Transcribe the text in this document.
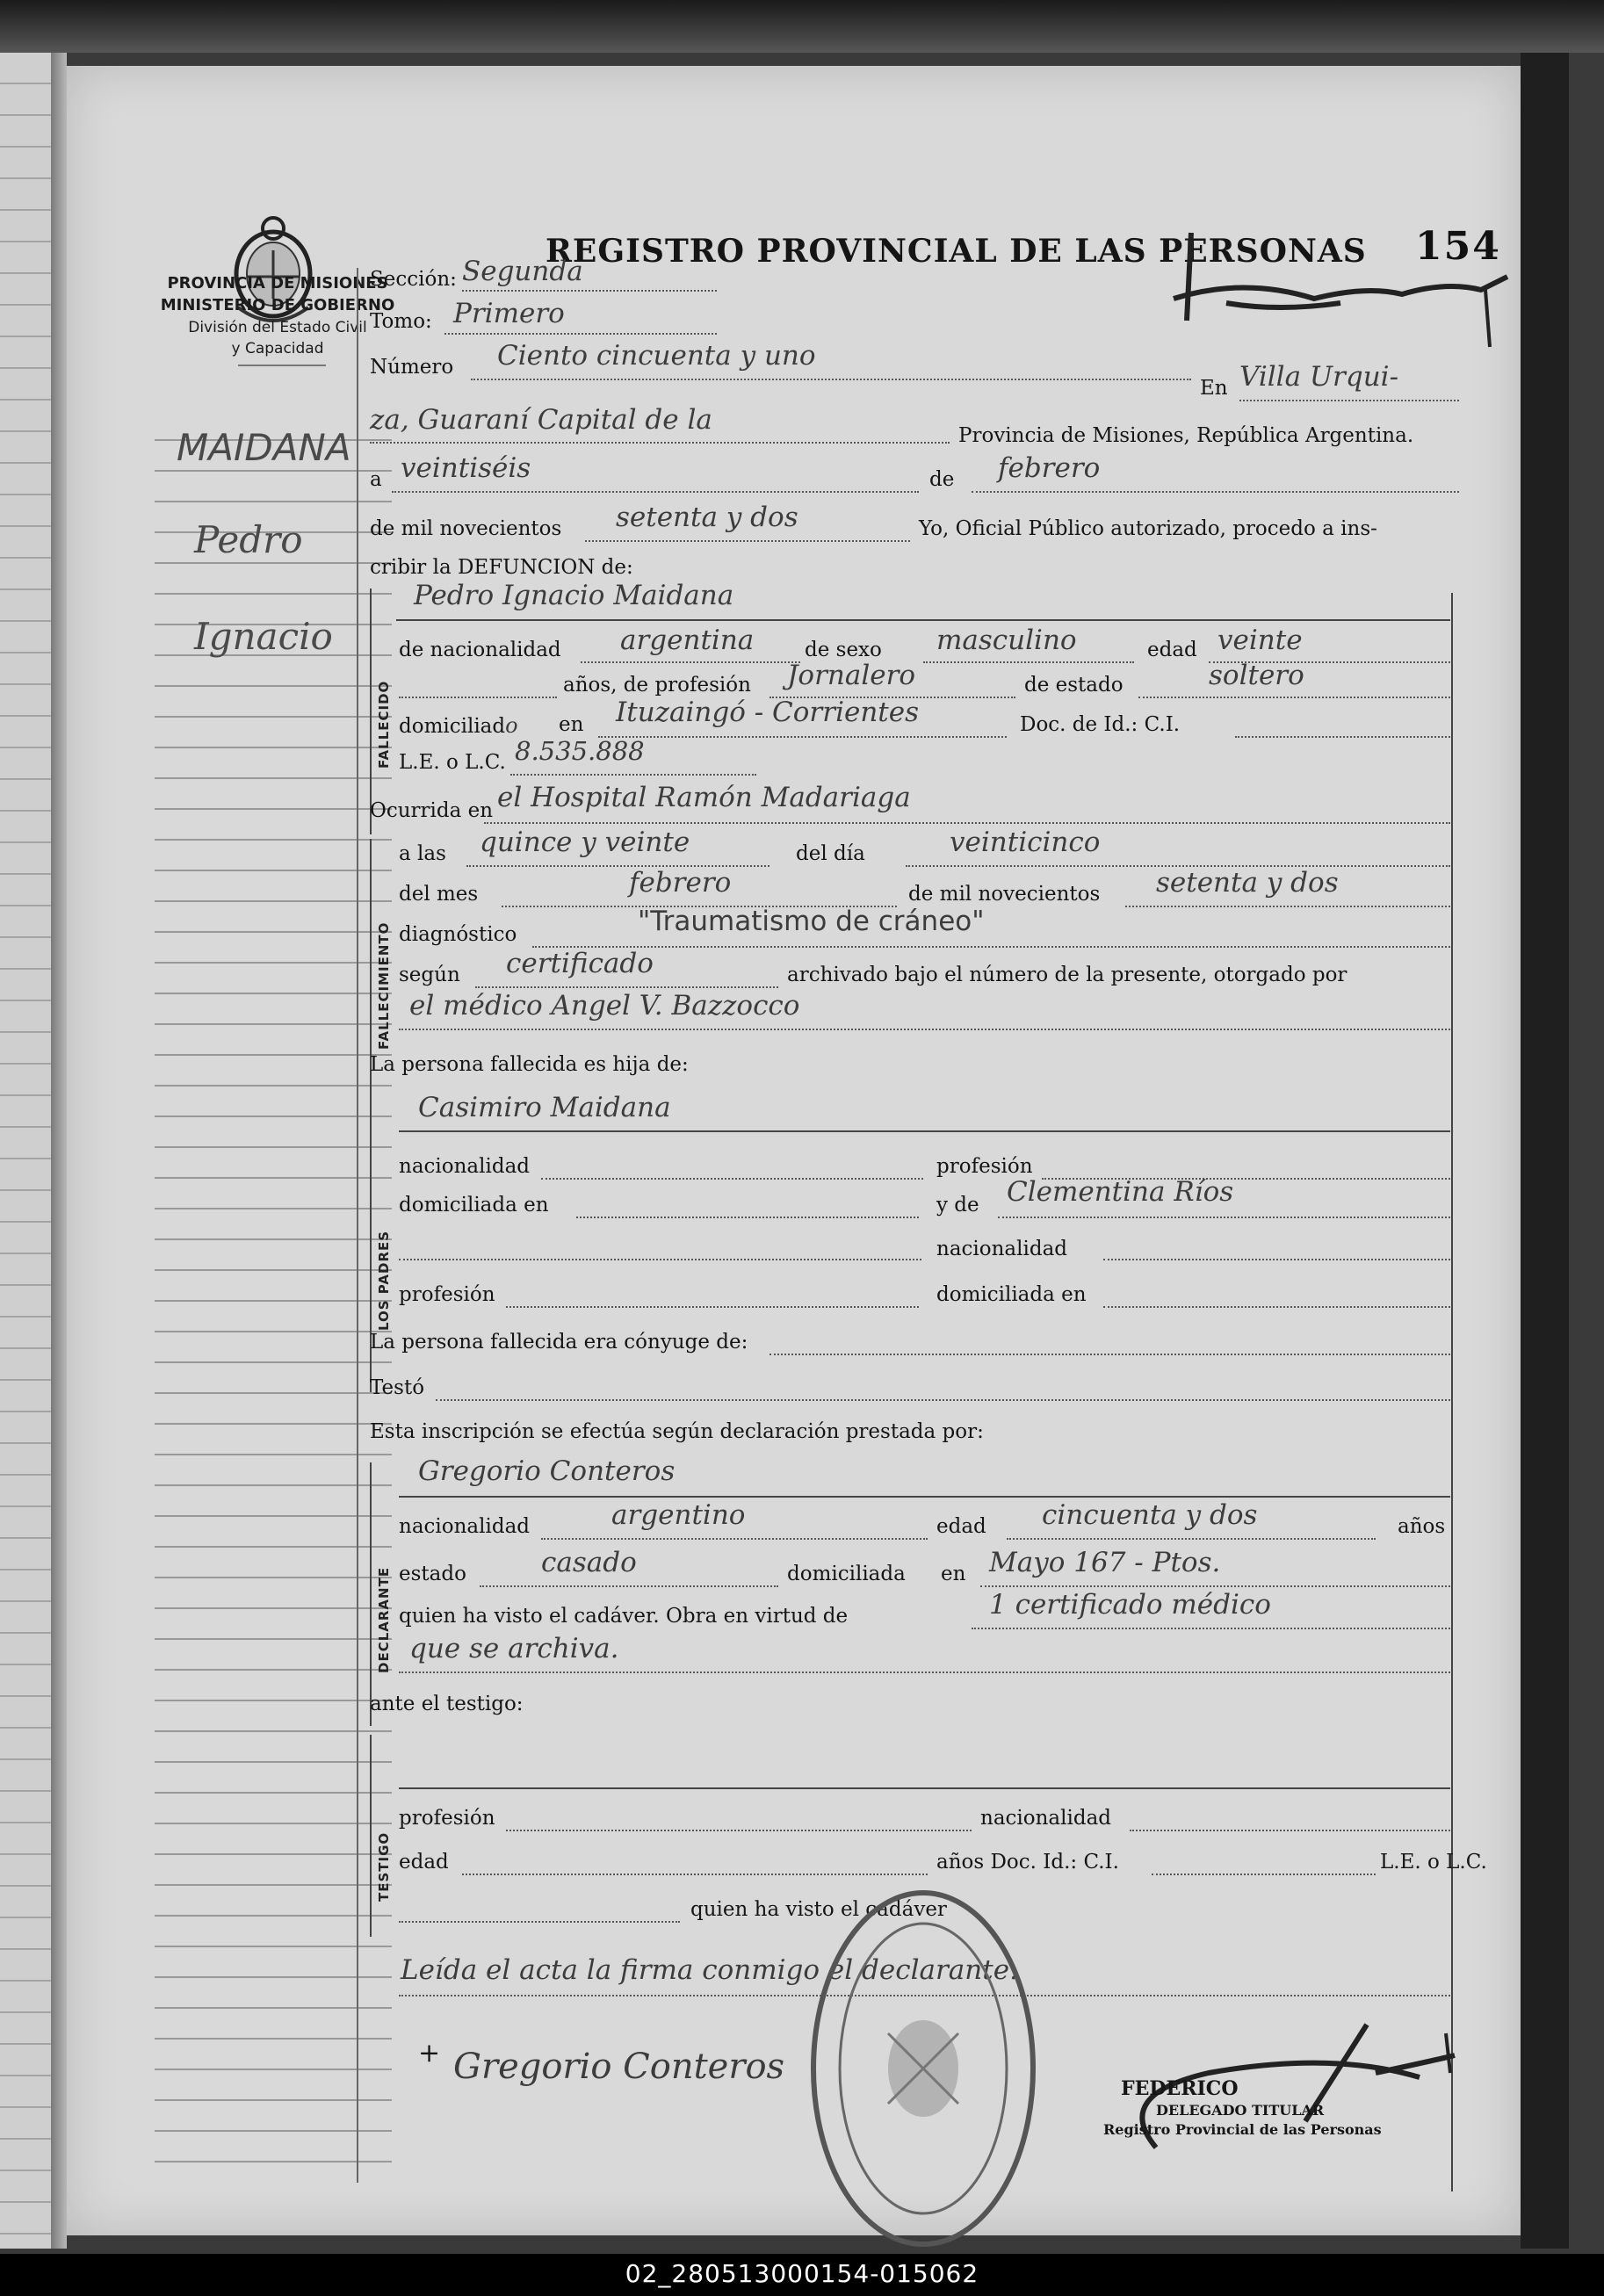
PROVINCIA DE MISIONES
MINISTERIO DE GOBIERNO
División del Estado Civil
y Capacidad
REGISTRO PROVINCIAL DE LAS PERSONAS 154
MAIDANA
Pedro
Ignacio
Sección: Segunda
Tomo: Primero
Número Ciento cincuenta y uno
En Villa Urqui-
za, Guaraní Capital de la	Provincia de Misiones, República Argentina.
a veintiséis	de febrero
de mil novecientos setenta y dos	Yo, Oficial Público autorizado, procedo a ins-
cribir la DEFUNCION de:
FALLECIDO
Pedro Ignacio Maidana
de nacionalidad argentina	de sexo masculino	edad veinte
años, de profesión Jornalero	de estado	soltero
domiciliado en Ituzaingó - Corrientes	Doc. de Id.: C.I.
L.E. o L.C. 8.535.888
Ocurrida en el Hospital Ramón Madariaga
FALLECIMIENTO
a las quince y veinte	del día	veinticinco
del mes	febrero	de mil novecientos setenta y dos
diagnóstico	"Traumatismo de cráneo"
según certificado	archivado bajo el número de la presente, otorgado por
el médico Angel V. Bazzocco
La persona fallecida es hija de:
LOS PADRES
Casimiro Maidana
nacionalidad	profesión
domiciliada en	y de Clementina Ríos
nacionalidad
profesión	domiciliada en
La persona fallecida era cónyuge de:
Testó
Esta inscripción se efectúa según declaración prestada por:
DECLARANTE
Gregorio Conteros
nacionalidad	argentino	edad cincuenta y dos	años
estado	casado	domiciliada en Mayo 167 - Ptos.
quien ha visto el cadáver. Obra en virtud de	1 certificado médico
que se archiva.
ante el testigo:
TESTIGO
profesión	nacionalidad
edad	años Doc. Id.: C.I.	L.E. o L.C.
quien ha visto el cadáver
Leída el acta la firma conmigo el declarante.
+ Gregorio Conteros
FEDERICO
DELEGADO TITULAR
Registro Provincial de las Personas
02_280513000154-015062
